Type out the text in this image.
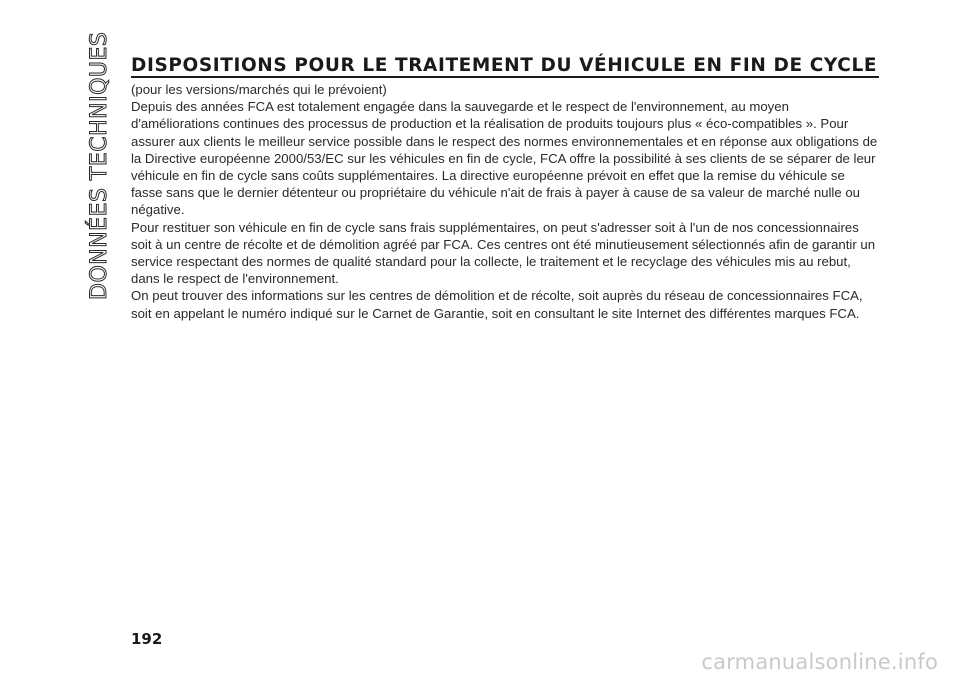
DONNÉES TECHNIQUES DISPOSITIONS POUR LE TRAITEMENT DU VÉHICULE EN FIN DE CYCLE

(pour les versions/marchés qui le prévoient)

Depuis des années FCA est totalement engagée dans la sauvegarde et le respect de l'environnement, au moyen d'améliorations continues des processus de production et la réalisation de produits toujours plus « éco-compatibles ». Pour assurer aux clients le meilleur service possible dans le respect des normes environnementales et en réponse aux obligations de la Directive européenne 2000/53/EC sur les véhicules en fin de cycle, FCA offre la possibilité à ses clients de se séparer de leur véhicule en fin de cycle sans coûts supplémentaires. La directive européenne prévoit en effet que la remise du véhicule se fasse sans que le dernier détenteur ou propriétaire du véhicule n'ait de frais à payer à cause de sa valeur de marché nulle ou négative.

Pour restituer son véhicule en fin de cycle sans frais supplémentaires, on peut s'adresser soit à l'un de nos concessionnaires soit à un centre de récolte et de démolition agréé par FCA. Ces centres ont été minutieusement sélectionnés afin de garantir un service respectant des normes de qualité standard pour la collecte, le traitement et le recyclage des véhicules mis au rebut, dans le respect de l'environnement.

On peut trouver des informations sur les centres de démolition et de récolte, soit auprès du réseau de concessionnaires FCA, soit en appelant le numéro indiqué sur le Carnet de Garantie, soit en consultant le site Internet des différentes marques FCA.

192
carmanualsonline.info
